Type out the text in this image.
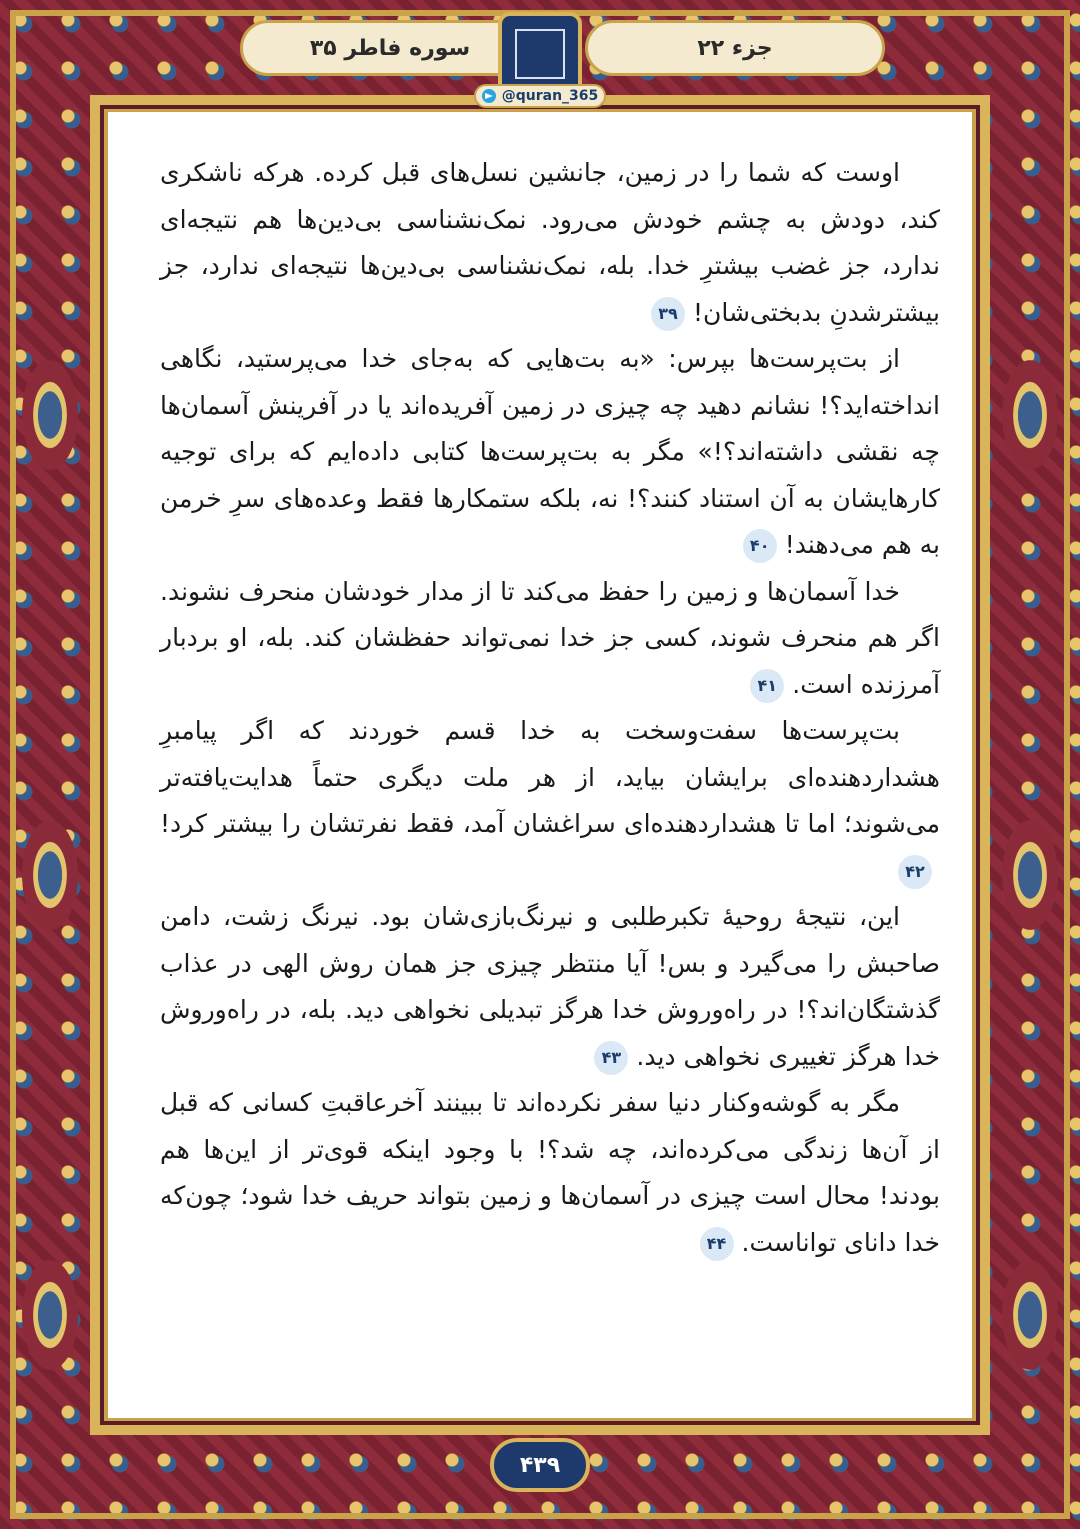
سوره فاطر ۳۵	جزء ۲۲
@quran_365

اوست که شما را در زمین، جانشین نسل‌های قبل کرده. هرکه ناشکری کند، دودش به چشم خودش می‌رود. نمک‌نشناسی بی‌دین‌ها هم نتیجه‌ای ندارد، جز غضب بیشترِ خدا. بله، نمک‌نشناسی بی‌دین‌ها نتیجه‌ای ندارد، جز بیشترشدنِ بدبختی‌شان!۳۹

از بت‌پرست‌ها بپرس: «به بت‌هایی که به‌جای خدا می‌پرستید، نگاهی انداخته‌اید؟! نشانم دهید چه چیزی در زمین آفریده‌اند یا در آفرینش آسمان‌ها چه نقشی داشته‌اند؟!» مگر به بت‌پرست‌ها کتابی داده‌ایم که برای توجیه کارهایشان به آن استناد کنند؟! نه، بلکه ستمکارها فقط وعده‌های سرِ خرمن به هم می‌دهند!۴۰

خدا آسمان‌ها و زمین را حفظ می‌کند تا از مدار خودشان منحرف نشوند. اگر هم منحرف شوند، کسی جز خدا نمی‌تواند حفظشان کند. بله، او بردبار آمرزنده است.۴۱

بت‌پرست‌ها سفت‌وسخت به خدا قسم خوردند که اگر پیامبرِ هشداردهنده‌ای برایشان بیاید، از هر ملت دیگری حتماً هدایت‌یافته‌تر می‌شوند؛ اما تا هشداردهنده‌ای سراغشان آمد، فقط نفرتشان را بیشتر کرد!۴۲

این، نتیجهٔ روحیهٔ تکبرطلبی و نیرنگ‌بازی‌شان بود. نیرنگ زشت، دامن صاحبش را می‌گیرد و بس! آیا منتظر چیزی جز همان روش الهی در عذاب گذشتگان‌اند؟! در راه‌وروش خدا هرگز تبدیلی نخواهی دید. بله، در راه‌وروش خدا هرگز تغییری نخواهی دید.۴۳

مگر به گوشه‌وکنار دنیا سفر نکرده‌اند تا ببینند آخرعاقبتِ کسانی که قبل از آن‌ها زندگی می‌کرده‌اند، چه شد؟! با وجود اینکه قوی‌تر از این‌ها هم بودند! محال است چیزی در آسمان‌ها و زمین بتواند حریف خدا شود؛ چون‌که خدا دانای تواناست.۴۴

۴۳۹
